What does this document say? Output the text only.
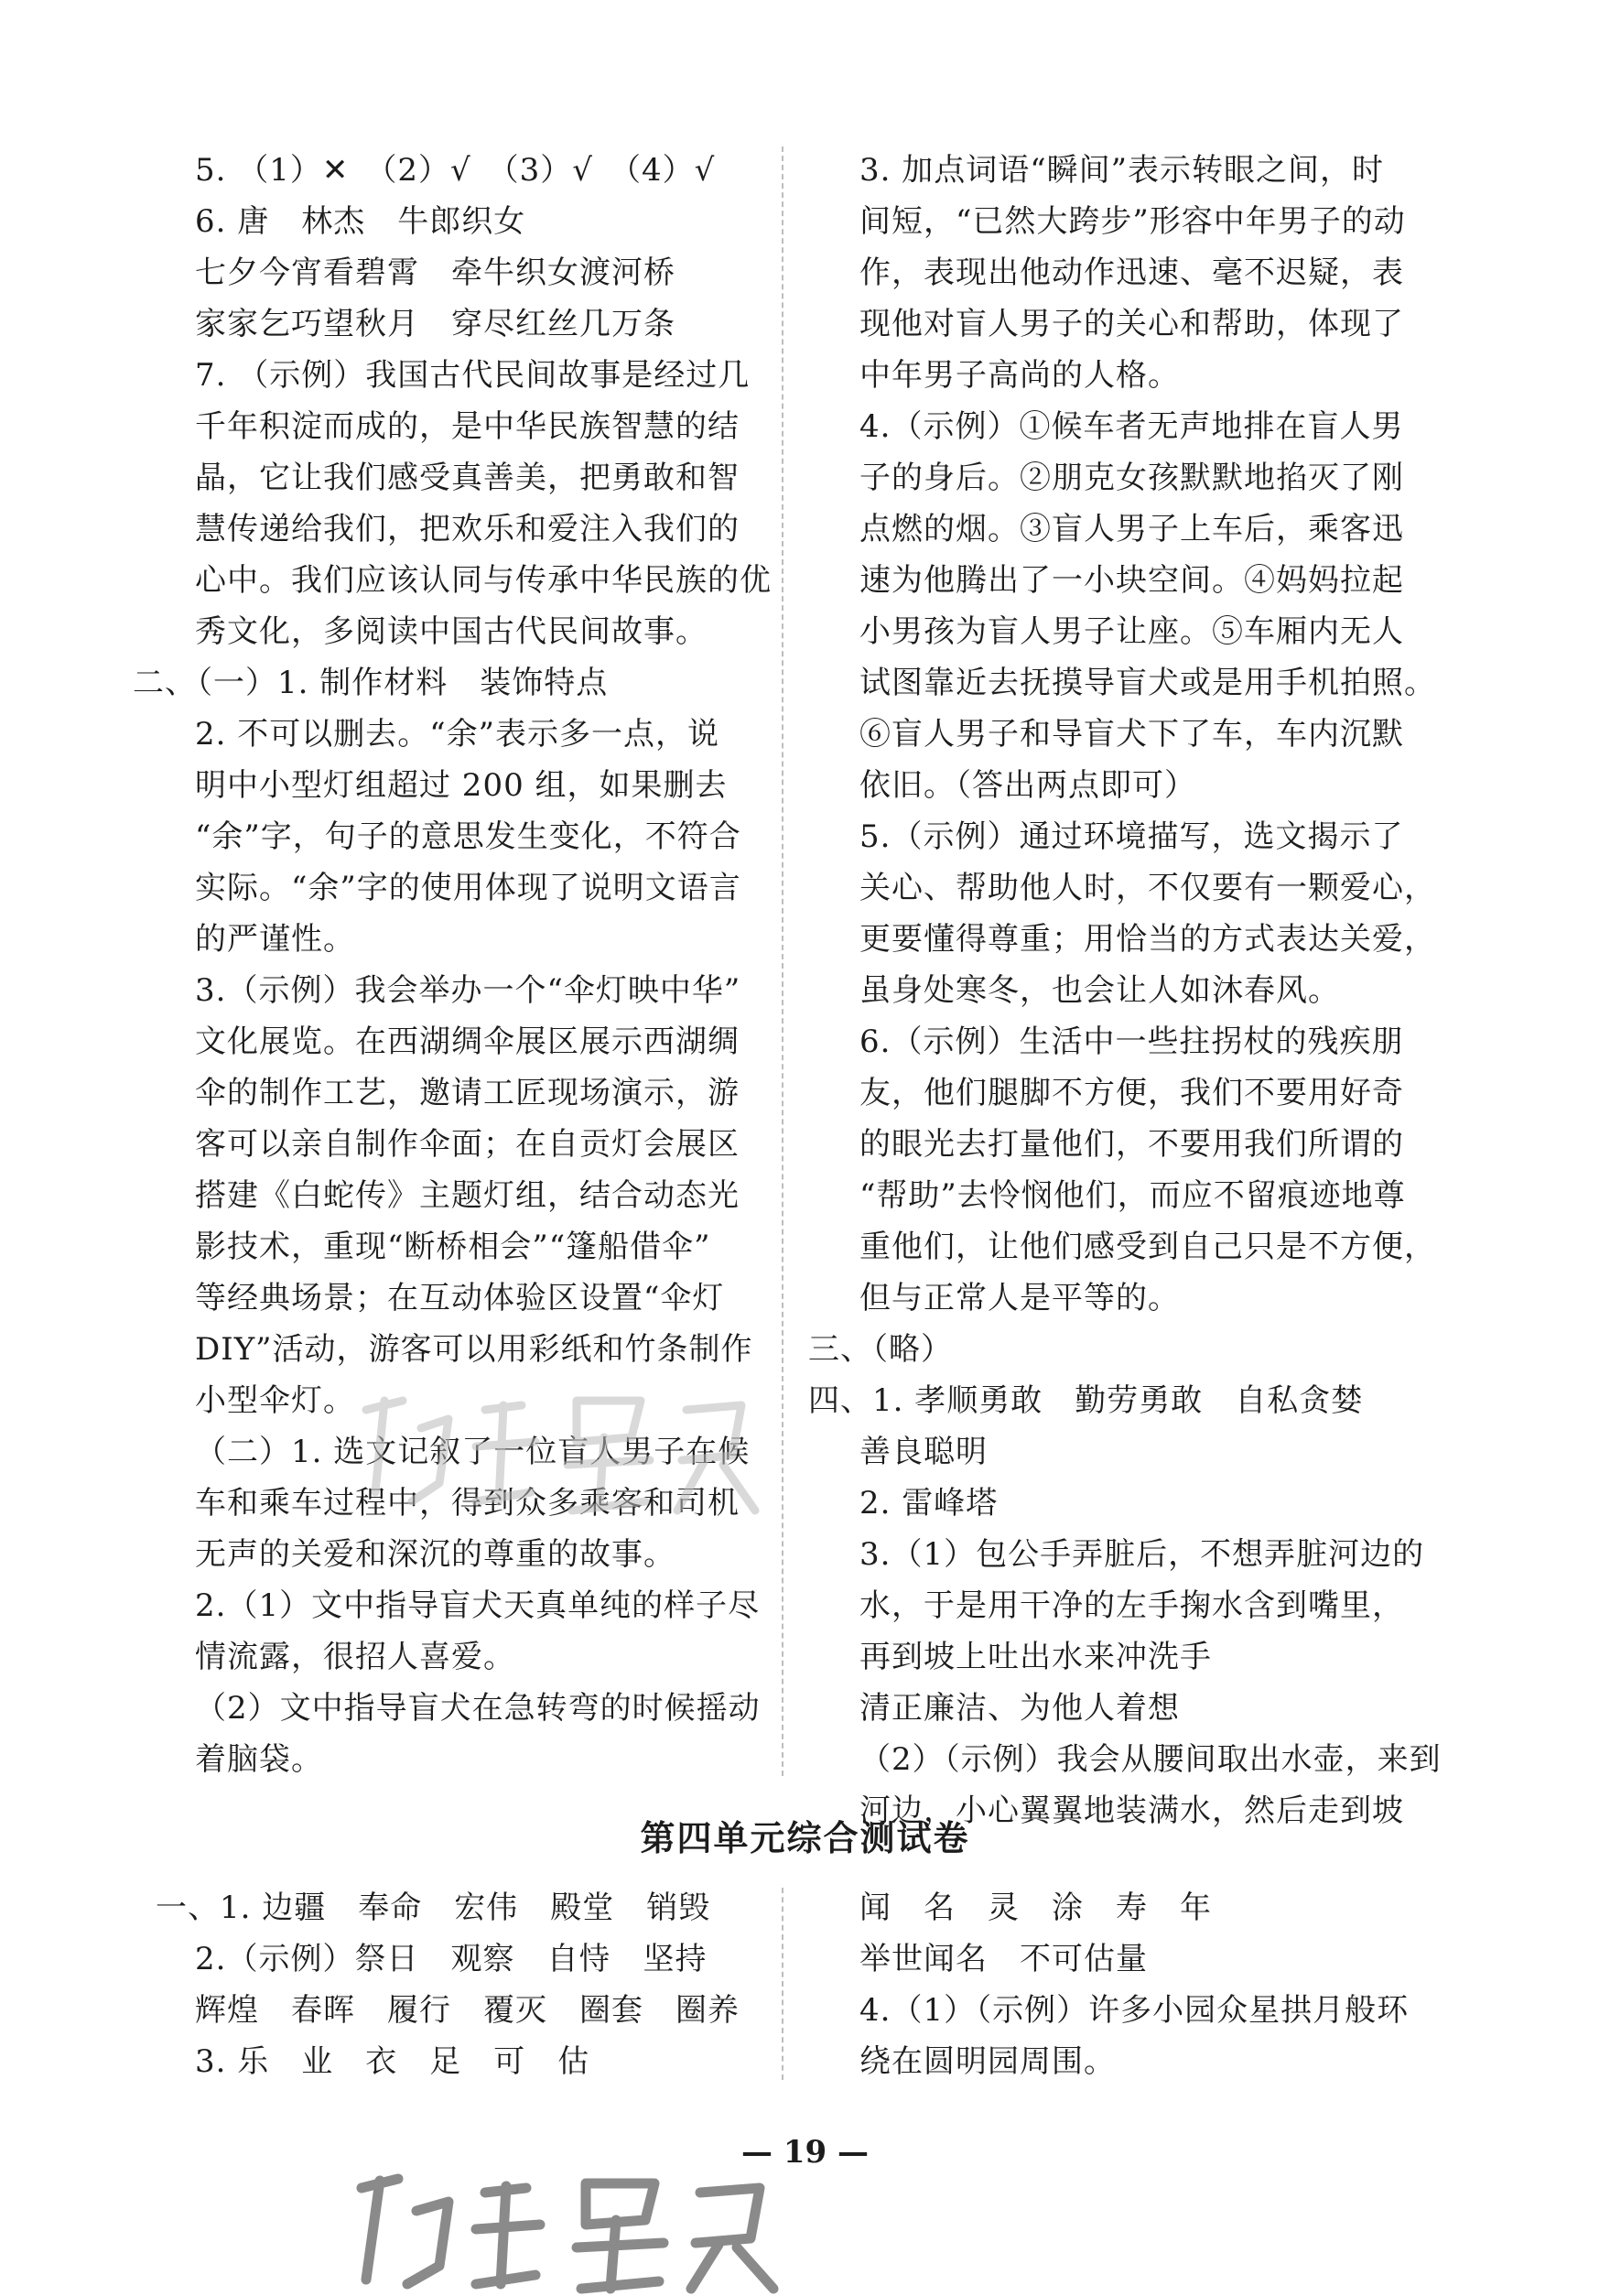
5. （1）✕　（2）√　（3）√　（4）√
6. 唐　林杰　牛郎织女
七夕今宵看碧霄　牵牛织女渡河桥
家家乞巧望秋月　穿尽红丝几万条
7. （示例）我国古代民间故事是经过几
千年积淀而成的，是中华民族智慧的结
晶，它让我们感受真善美，把勇敢和智
慧传递给我们，把欢乐和爱注入我们的
心中。我们应该认同与传承中华民族的优
秀文化，多阅读中国古代民间故事。
二、（一）1. 制作材料　装饰特点
2. 不可以删去。“余”表示多一点，说
明中小型灯组超过 200 组，如果删去
“余”字，句子的意思发生变化，不符合
实际。“余”字的使用体现了说明文语言
的严谨性。
3.（示例）我会举办一个“伞灯映中华”
文化展览。在西湖绸伞展区展示西湖绸
伞的制作工艺，邀请工匠现场演示，游
客可以亲自制作伞面；在自贡灯会展区
搭建《白蛇传》主题灯组，结合动态光
影技术，重现“断桥相会”“篷船借伞”
等经典场景；在互动体验区设置“伞灯
DIY”活动，游客可以用彩纸和竹条制作
小型伞灯。
（二）1. 选文记叙了一位盲人男子在候
车和乘车过程中，得到众多乘客和司机
无声的关爱和深沉的尊重的故事。
2.（1）文中指导盲犬天真单纯的样子尽
情流露，很招人喜爱。
（2）文中指导盲犬在急转弯的时候摇动
着脑袋。
3. 加点词语“瞬间”表示转眼之间，时
间短，“已然大跨步”形容中年男子的动
作，表现出他动作迅速、毫不迟疑，表
现他对盲人男子的关心和帮助，体现了
中年男子高尚的人格。
4.（示例）①候车者无声地排在盲人男
子的身后。②朋克女孩默默地掐灭了刚
点燃的烟。③盲人男子上车后，乘客迅
速为他腾出了一小块空间。④妈妈拉起
小男孩为盲人男子让座。⑤车厢内无人
试图靠近去抚摸导盲犬或是用手机拍照。
⑥盲人男子和导盲犬下了车，车内沉默
依旧。（答出两点即可）
5.（示例）通过环境描写，选文揭示了
关心、帮助他人时，不仅要有一颗爱心，
更要懂得尊重；用恰当的方式表达关爱，
虽身处寒冬，也会让人如沐春风。
6.（示例）生活中一些拄拐杖的残疾朋
友，他们腿脚不方便，我们不要用好奇
的眼光去打量他们，不要用我们所谓的
“帮助”去怜悯他们，而应不留痕迹地尊
重他们，让他们感受到自己只是不方便，
但与正常人是平等的。
三、（略）
四、1. 孝顺勇敢　勤劳勇敢　自私贪婪
善良聪明
2. 雷峰塔
3.（1）包公手弄脏后，不想弄脏河边的
水，于是用干净的左手掬水含到嘴里，
再到坡上吐出水来冲洗手
清正廉洁、为他人着想
（2）（示例）我会从腰间取出水壶，来到
河边，小心翼翼地装满水，然后走到坡
第四单元综合测试卷
一、1. 边疆　奉命　宏伟　殿堂　销毁
2.（示例）祭日　观察　自恃　坚持
辉煌　春晖　履行　覆灭　圈套　圈养
3. 乐　业　衣　足　可　估
闻　名　灵　涂　寿　年
举世闻名　不可估量
4.（1）（示例）许多小园众星拱月般环
绕在圆明园周围。
— 19 —
